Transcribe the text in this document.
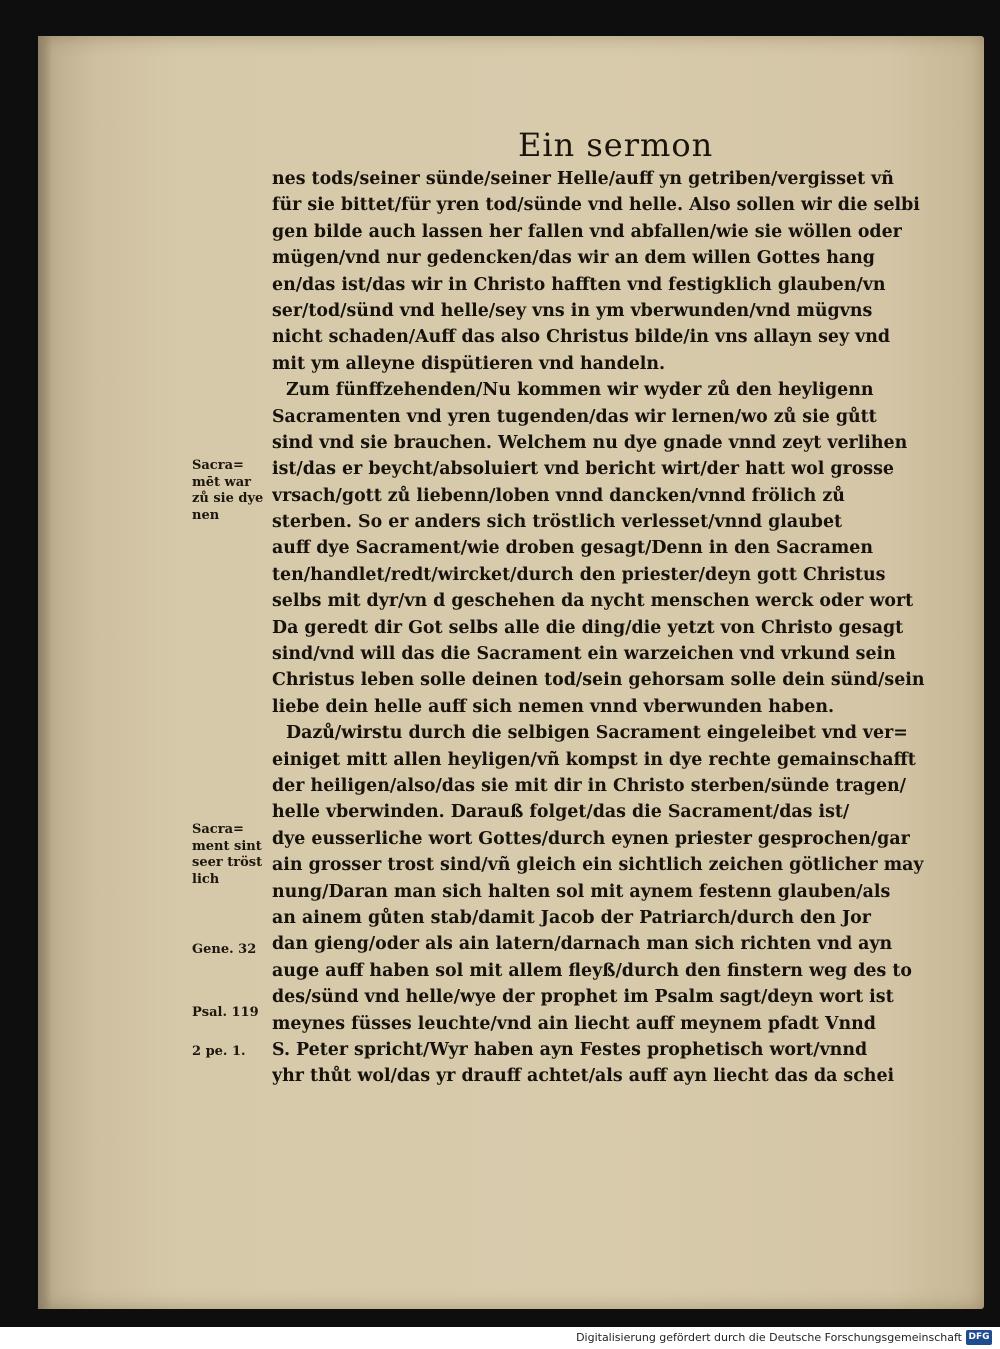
Ein sermon
nes tods/seiner sünde/seiner Helle/auff yn getriben/vergisset vñ
für sie bittet/für yren tod/sünde vnd helle. Also sollen wir die selbi
gen bilde auch lassen her fallen vnd abfallen/wie sie wöllen oder
mügen/vnd nur gedencken/das wir an dem willen Gottes hang
en/das ist/das wir in Christo hafften vnd festigklich glauben/vn
ser/tod/sünd vnd helle/sey vns in ym vberwunden/vnd mügvns
nicht schaden/Auff das also Christus bilde/in vns allayn sey vnd
mit ym alleyne dispütieren vnd handeln.
Zum fünffzehenden/Nu kommen wir wyder zů den heyligenn
Sacramenten vnd yren tugenden/das wir lernen/wo zů sie gůtt
sind vnd sie brauchen. Welchem nu dye gnade vnnd zeyt verlihen
ist/das er beycht/absoluiert vnd bericht wirt/der hatt wol grosse
vrsach/gott zů liebenn/loben vnnd dancken/vnnd frölich zů
sterben. So er anders sich tröstlich verlesset/vnnd glaubet
auff dye Sacrament/wie droben gesagt/Denn in den Sacramen
ten/handlet/redt/wircket/durch den priester/deyn gott Christus
selbs mit dyr/vn d geschehen da nycht menschen werck oder wort
Da geredt dir Got selbs alle die ding/die yetzt von Christo gesagt
sind/vnd will das die Sacrament ein warzeichen vnd vrkund sein
Christus leben solle deinen tod/sein gehorsam solle dein sünd/sein
liebe dein helle auff sich nemen vnnd vberwunden haben.
Dazů/wirstu durch die selbigen Sacrament eingeleibet vnd ver=
einiget mitt allen heyligen/vñ kompst in dye rechte gemainschafft
der heiligen/also/das sie mit dir in Christo sterben/sünde tragen/
helle vberwinden. Darauß folget/das die Sacrament/das ist/
dye eusserliche wort Gottes/durch eynen priester gesprochen/gar
ain grosser trost sind/vñ gleich ein sichtlich zeichen götlicher may
nung/Daran man sich halten sol mit aynem festenn glauben/als
an ainem gůten stab/damit Jacob der Patriarch/durch den Jor
dan gieng/oder als ain latern/darnach man sich richten vnd ayn
auge auff haben sol mit allem fleyß/durch den finstern weg des to
des/sünd vnd helle/wye der prophet im Psalm sagt/deyn wort ist
meynes füsses leuchte/vnd ain liecht auff meynem pfadt Vnnd
S. Peter spricht/Wyr haben ayn Festes prophetisch wort/vnnd
yhr thůt wol/das yr drauff achtet/als auff ayn liecht das da schei
Sacra=
mēt war
zů sie dye
nen
Sacra=
ment sint
seer tröst
lich
Gene. 32
Psal. 119
2 pe. 1.
Digitalisierung gefördert durch die Deutsche Forschungsgemeinschaft DFG
